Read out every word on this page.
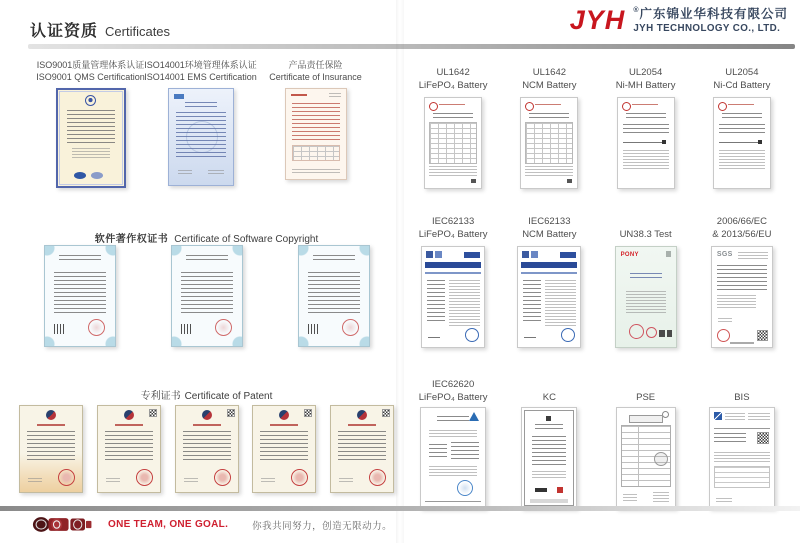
认证资质 Certificates	JYH ®广东锦业华科技有限公司
JYH TECHNOLOGY CO., LTD.
ISO9001质量管理体系认证
ISO9001 QMS Certification
ISO14001环境管理体系认证
ISO14001 EMS Certification
产品责任保险
Certificate of Insurance
软件著作权证书 Certificate of Software Copyright
专利证书 Certificate of Patent
UL1642
LiFePO₄ Battery
UL1642
NCM Battery
UL2054
Ni-MH Battery
UL2054
Ni-Cd Battery
IEC62133
LiFePO₄ Battery
IEC62133
NCM Battery	UN38.3 Test
PONY
2006/66/EC
& 2013/56/EU
SGS
IEC62620
LiFePO₄ Battery	KC	PSE	BIS
ONE TEAM, ONE GOAL.	你我共同努力，创造无限动力。
